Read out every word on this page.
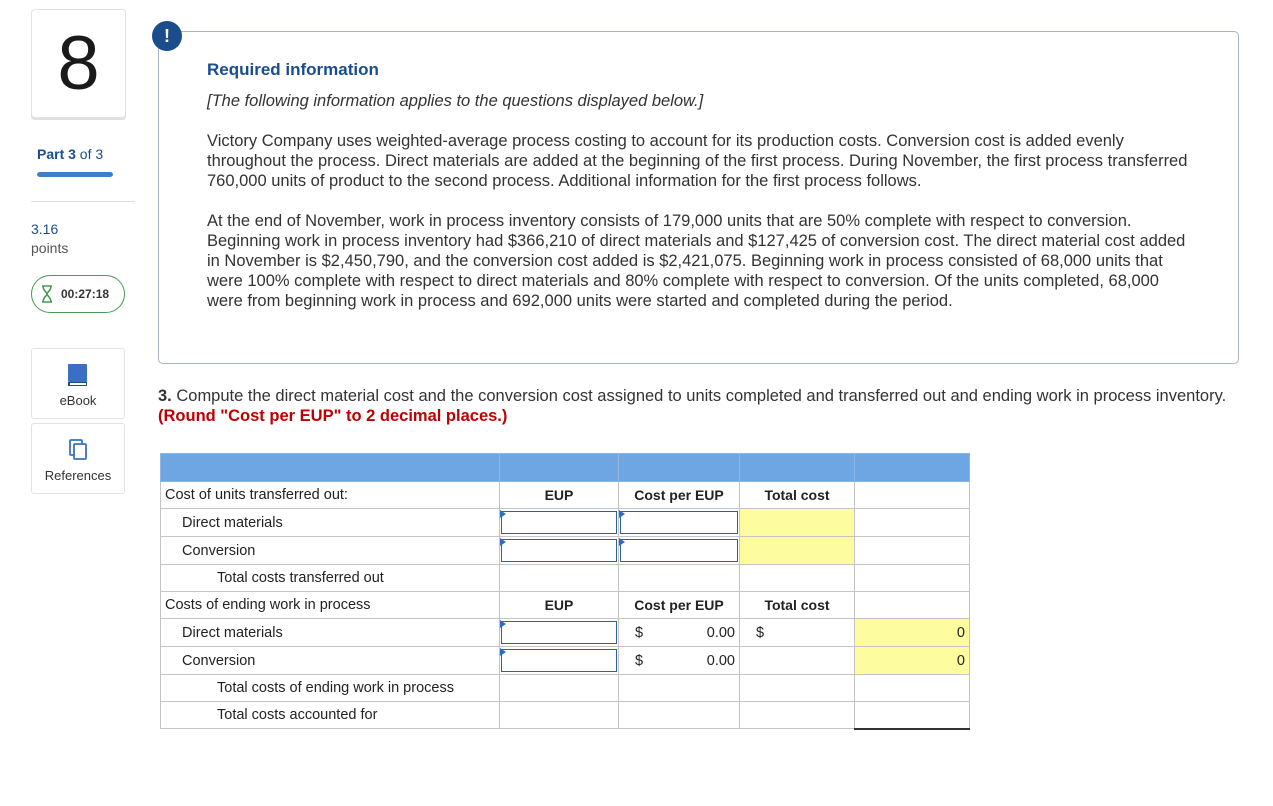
8
Part 3 of 3
3.16
points
00:27:18
eBook
References
Required information
[The following information applies to the questions displayed below.]

Victory Company uses weighted-average process costing to account for its production costs. Conversion cost is added evenly throughout the process. Direct materials are added at the beginning of the first process. During November, the first process transferred 760,000 units of product to the second process. Additional information for the first process follows.

At the end of November, work in process inventory consists of 179,000 units that are 50% complete with respect to conversion. Beginning work in process inventory had $366,210 of direct materials and $127,425 of conversion cost. The direct material cost added in November is $2,450,790, and the conversion cost added is $2,421,075. Beginning work in process consisted of 68,000 units that were 100% complete with respect to direct materials and 80% complete with respect to conversion. Of the units completed, 68,000 were from beginning work in process and 692,000 units were started and completed during the period.

!
3. Compute the direct material cost and the conversion cost assigned to units completed and transferred out and ending work in process inventory. (Round "Cost per EUP" to 2 decimal places.)

Cost of units transferred out:	EUP	Cost per EUP	Total cost	
Direct materials	

Conversion	

Total costs transferred out				
Costs of ending work in process	EUP	Cost per EUP	Total cost	
Direct materials		$ 0.00	$	0
Conversion		$ 0.00		0
Total costs of ending work in process				
Total costs accounted for				
